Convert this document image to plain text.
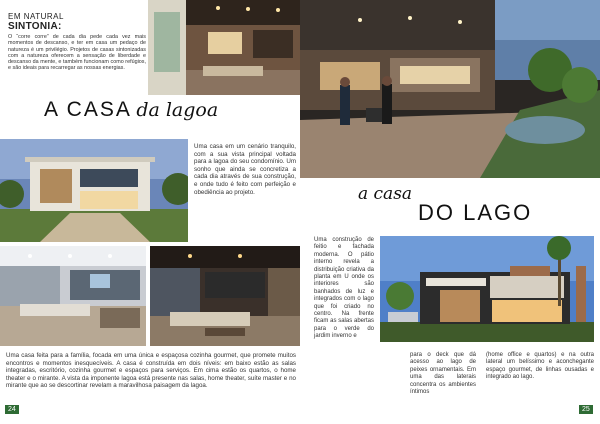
EM NATURAL
SINTONIA:
O “corre corre” de cada dia pede cada vez mais momentos de descanso, e ter em casa um pedaço de natureza é um privilégio. Projetos de casas sintonizadas com a natureza oferecem a sensação de liberdade e descanso da mente, e também funcionam como refúgios, e são ideais para recarregar as nossas energias.
A CASA da lagoa
Uma casa em um cenário tranquilo, com a sua vista principal voltada para a lagoa do seu condomínio. Um sonho que ainda se concretiza a cada dia através de sua construção, e onde tudo é feito com perfeição e obediência ao projeto.
Uma casa feita para a família, focada em uma única e espaçosa cozinha gourmet, que promete muitos encontros e momentos inesquecíveis. A casa é construída em dois níveis: em baixo estão as salas integradas, escritório, cozinha gourmet e espaços para serviços. Em cima estão os quartos, o home theater e o mirante. A vista da imponente lagoa está presente nas salas, home theater, suíte master e no mirante que ao se descortinar revelam a maravilhosa paisagem da lagoa.
24
a casa
DO LAGO
Uma construção de feitio e fachada moderna. O pátio interno revela a distribuição criativa da planta em U onde os interiores são banhados de luz e integrados com o lago que foi criado no centro. Na frente ficam as salas abertas para o verde do jardim inverno e
para o deck que dá acesso ao lago de peixes ornamentais. Em uma das laterais concentra os ambientes íntimos
(home office e quartos) e na outra lateral um belíssimo e aconchegante espaço gourmet, de linhas ousadas e integrado ao lago.
25
